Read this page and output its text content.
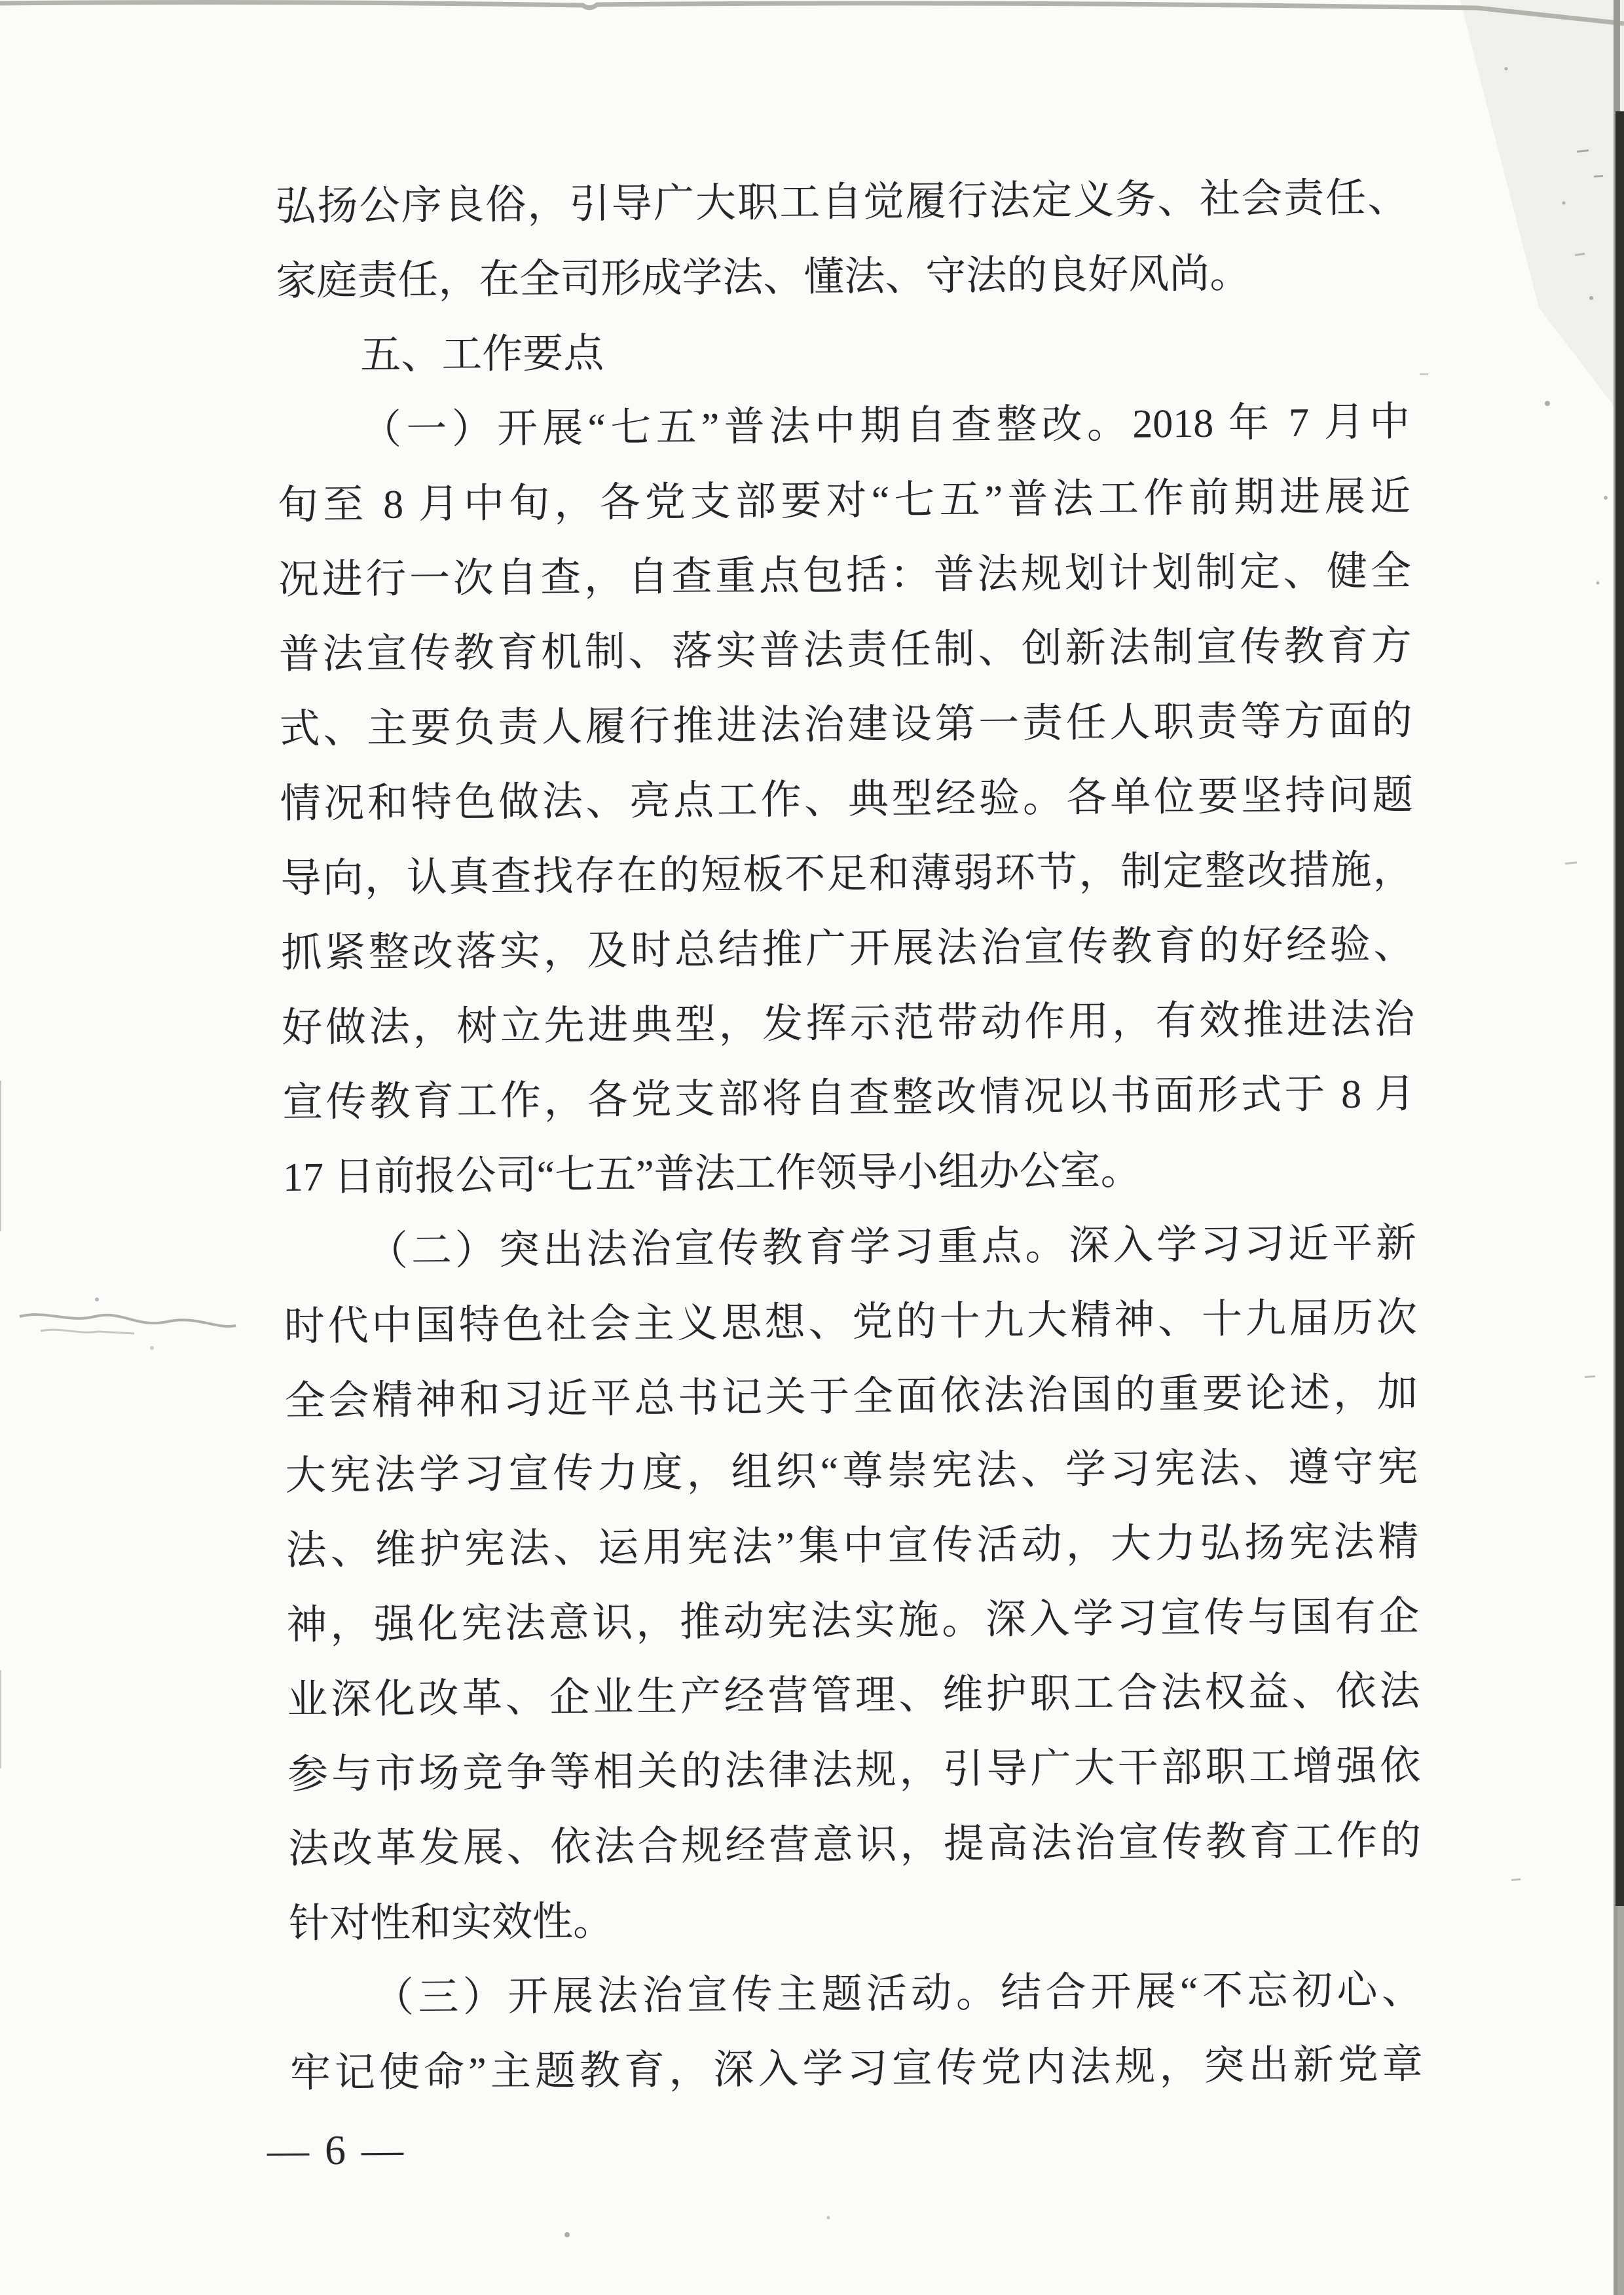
弘扬公序良俗，引导广大职工自觉履行法定义务、社会责任、
家庭责任，在全司形成学法、懂法、守法的良好风尚。
五、工作要点
（一）开展“七五”普法中期自查整改。2018 年 7 月中
旬至 8 月中旬，各党支部要对“七五”普法工作前期进展近
况进行一次自查，自查重点包括：普法规划计划制定、健全
普法宣传教育机制、落实普法责任制、创新法制宣传教育方
式、主要负责人履行推进法治建设第一责任人职责等方面的
情况和特色做法、亮点工作、典型经验。各单位要坚持问题
导向，认真查找存在的短板不足和薄弱环节，制定整改措施，
抓紧整改落实，及时总结推广开展法治宣传教育的好经验、
好做法，树立先进典型，发挥示范带动作用，有效推进法治
宣传教育工作，各党支部将自查整改情况以书面形式于 8 月
17 日前报公司“七五”普法工作领导小组办公室。
（二）突出法治宣传教育学习重点。深入学习习近平新
时代中国特色社会主义思想、党的十九大精神、十九届历次
全会精神和习近平总书记关于全面依法治国的重要论述，加
大宪法学习宣传力度，组织“尊崇宪法、学习宪法、遵守宪
法、维护宪法、运用宪法”集中宣传活动，大力弘扬宪法精
神，强化宪法意识，推动宪法实施。深入学习宣传与国有企
业深化改革、企业生产经营管理、维护职工合法权益、依法
参与市场竞争等相关的法律法规，引导广大干部职工增强依
法改革发展、依法合规经营意识，提高法治宣传教育工作的
针对性和实效性。
（三）开展法治宣传主题活动。结合开展“不忘初心、
牢记使命”主题教育，深入学习宣传党内法规，突出新党章
— 6 —
